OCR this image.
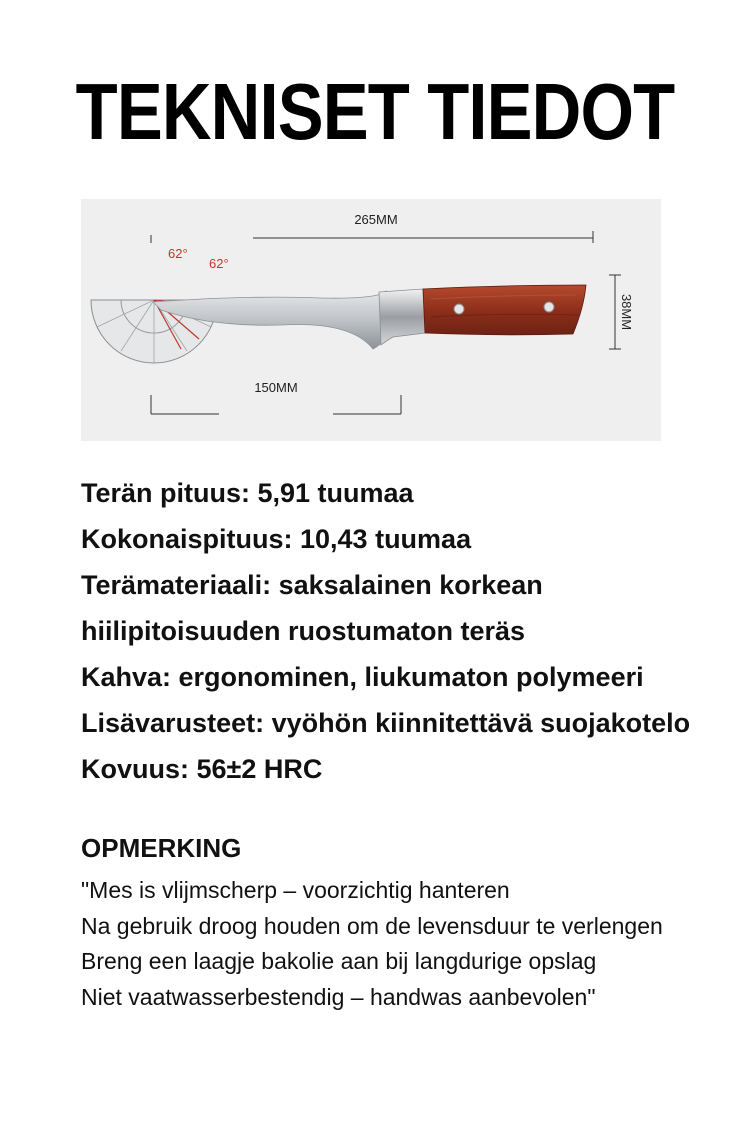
TEKNISET TIEDOT
265MM
62°
62°
38MM
150MM
Terän pituus: 5,91 tuumaa
Kokonaispituus: 10,43 tuumaa
Terämateriaali: saksalainen korkean
hiilipitoisuuden ruostumaton teräs
Kahva: ergonominen, liukumaton polymeeri
Lisävarusteet: vyöhön kiinnitettävä suojakotelo
Kovuus: 56±2 HRC
OPMERKING
"Mes is vlijmscherp – voorzichtig hanteren
Na gebruik droog houden om de levensduur te verlengen
Breng een laagje bakolie aan bij langdurige opslag
Niet vaatwasserbestendig – handwas aanbevolen"
